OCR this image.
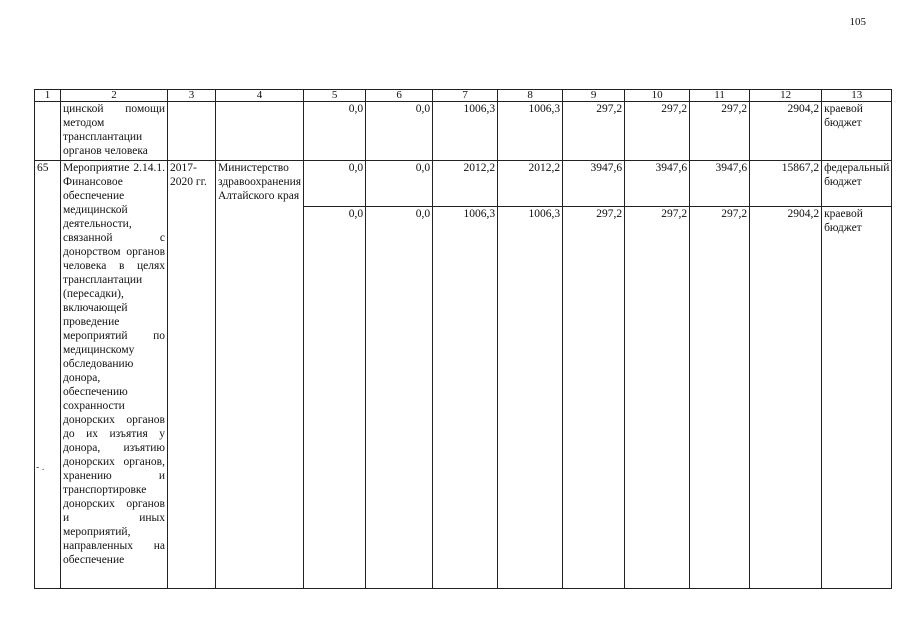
105
1	2	3	4	5	6	7	8	9	10	11	12	13
	цинской помощи методом трансплантации органов человека			0,0	0,0	1006,3	1006,3	297,2	297,2	297,2	2904,2	краевой бюджет
65	Мероприятие 2.14.1. Финансовое обеспечение медицинской деятельности, связанной с донорством органов человека в целях трансплантации (пересадки), включающей проведение мероприятий по медицинскому обследованию донора, обеспечению сохранности донорских органов до их изъятия у донора, изъятию донорских органов, хранению и транспортировке донорских органов и иных мероприятий, направленных на обеспечение	2017-2020 гг.	Министерство здравоохранения Алтайского края	0,0	0,0	2012,2	2012,2	3947,6	3947,6	3947,6	15867,2	федеральный бюджет
				0,0	0,0	1006,3	1006,3	297,2	297,2	297,2	2904,2	краевой бюджет
- .
